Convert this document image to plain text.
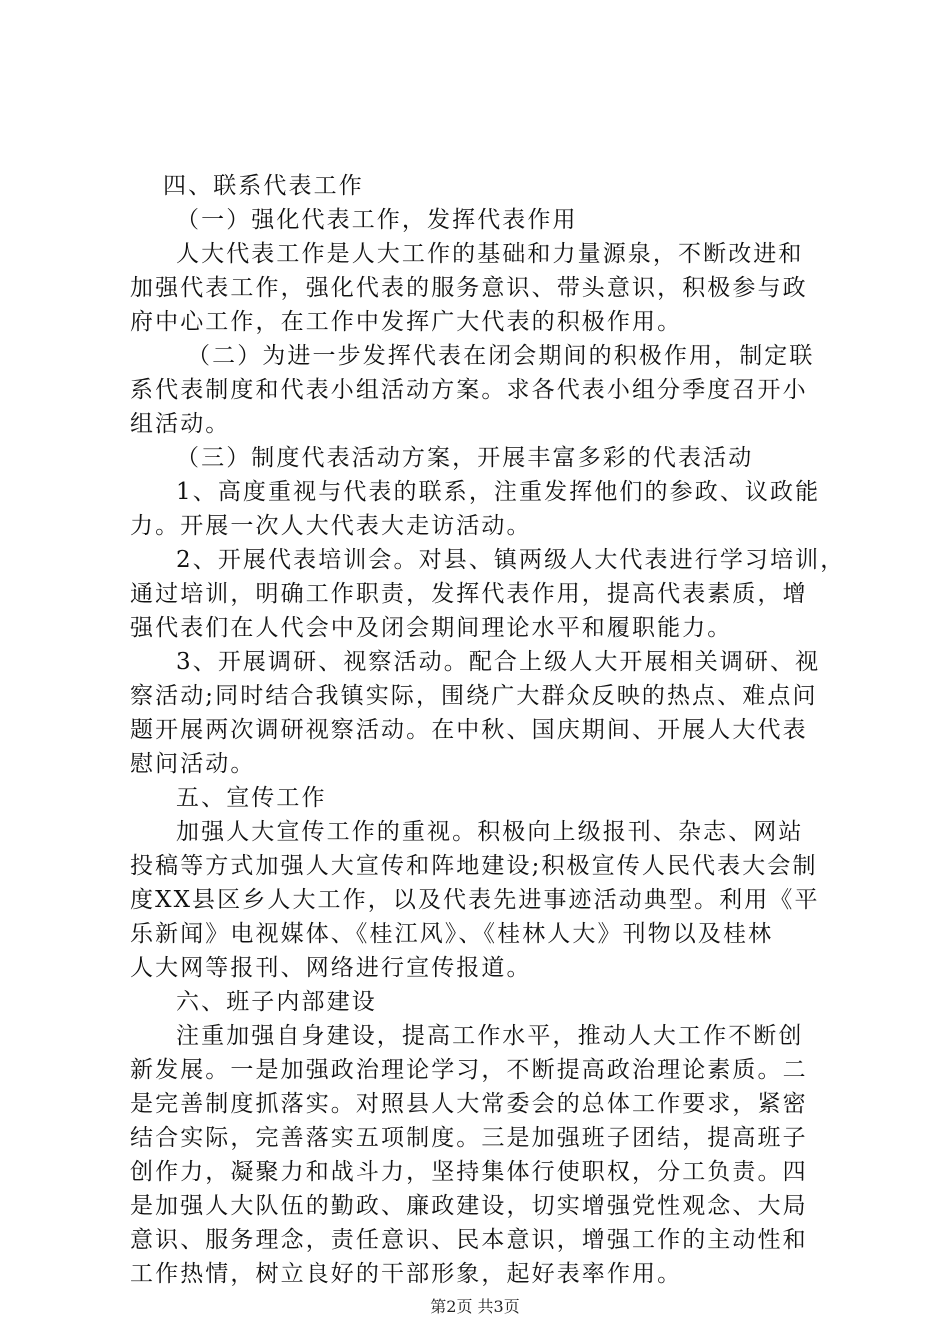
四、联系代表工作
（一）强化代表工作，发挥代表作用
人大代表工作是人大工作的基础和力量源泉，不断改进和
加强代表工作，强化代表的服务意识、带头意识，积极参与政
府中心工作，在工作中发挥广大代表的积极作用。
（二）为进一步发挥代表在闭会期间的积极作用，制定联
系代表制度和代表小组活动方案。求各代表小组分季度召开小
组活动。
（三）制度代表活动方案，开展丰富多彩的代表活动
1、高度重视与代表的联系，注重发挥他们的参政、议政能
力。开展一次人大代表大走访活动。
2、开展代表培训会。对县、镇两级人大代表进行学习培训，
通过培训，明确工作职责，发挥代表作用，提高代表素质，增
强代表们在人代会中及闭会期间理论水平和履职能力。
3、开展调研、视察活动。配合上级人大开展相关调研、视
察活动;同时结合我镇实际，围绕广大群众反映的热点、难点问
题开展两次调研视察活动。在中秋、国庆期间、开展人大代表
慰问活动。
五、宣传工作
加强人大宣传工作的重视。积极向上级报刊、杂志、网站
投稿等方式加强人大宣传和阵地建设;积极宣传人民代表大会制
度XX县区乡人大工作，以及代表先进事迹活动典型。利用《平
乐新闻》电视媒体、《桂江风》、《桂林人大》刊物以及桂林
人大网等报刊、网络进行宣传报道。
六、班子内部建设
注重加强自身建设，提高工作水平，推动人大工作不断创
新发展。一是加强政治理论学习，不断提高政治理论素质。二
是完善制度抓落实。对照县人大常委会的总体工作要求，紧密
结合实际，完善落实五项制度。三是加强班子团结，提高班子
创作力，凝聚力和战斗力，坚持集体行使职权，分工负责。四
是加强人大队伍的勤政、廉政建设，切实增强党性观念、大局
意识、服务理念，责任意识、民本意识，增强工作的主动性和
工作热情，树立良好的干部形象，起好表率作用。
第2页 共3页
